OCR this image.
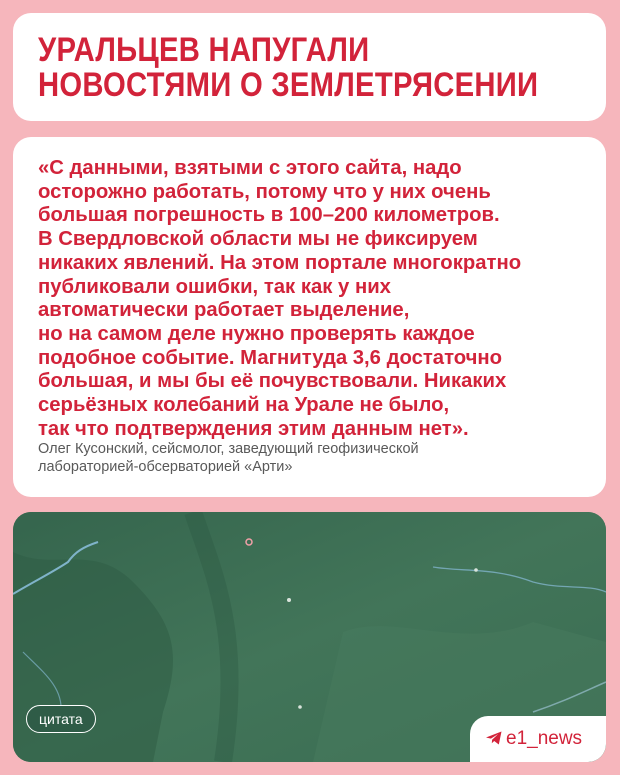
УРАЛЬЦЕВ НАПУГАЛИ
НОВОСТЯМИ О ЗЕМЛЕТРЯСЕНИИ
«С данными, взятыми с этого сайта, надо
осторожно работать, потому что у них очень
большая погрешность в 100–200 километров.
В Свердловской области мы не фиксируем
никаких явлений. На этом портале многократно
публиковали ошибки, так как у них
автоматически работает выделение,
но на самом деле нужно проверять каждое
подобное событие. Магнитуда 3,6 достаточно
большая, и мы бы её почувствовали. Никаких
серьёзных колебаний на Урале не было,
так что подтверждения этим данным нет».
Олег Кусонский, сейсмолог, заведующий геофизической
лабораторией-обсерваторией «Арти»
цитата
e1_news
